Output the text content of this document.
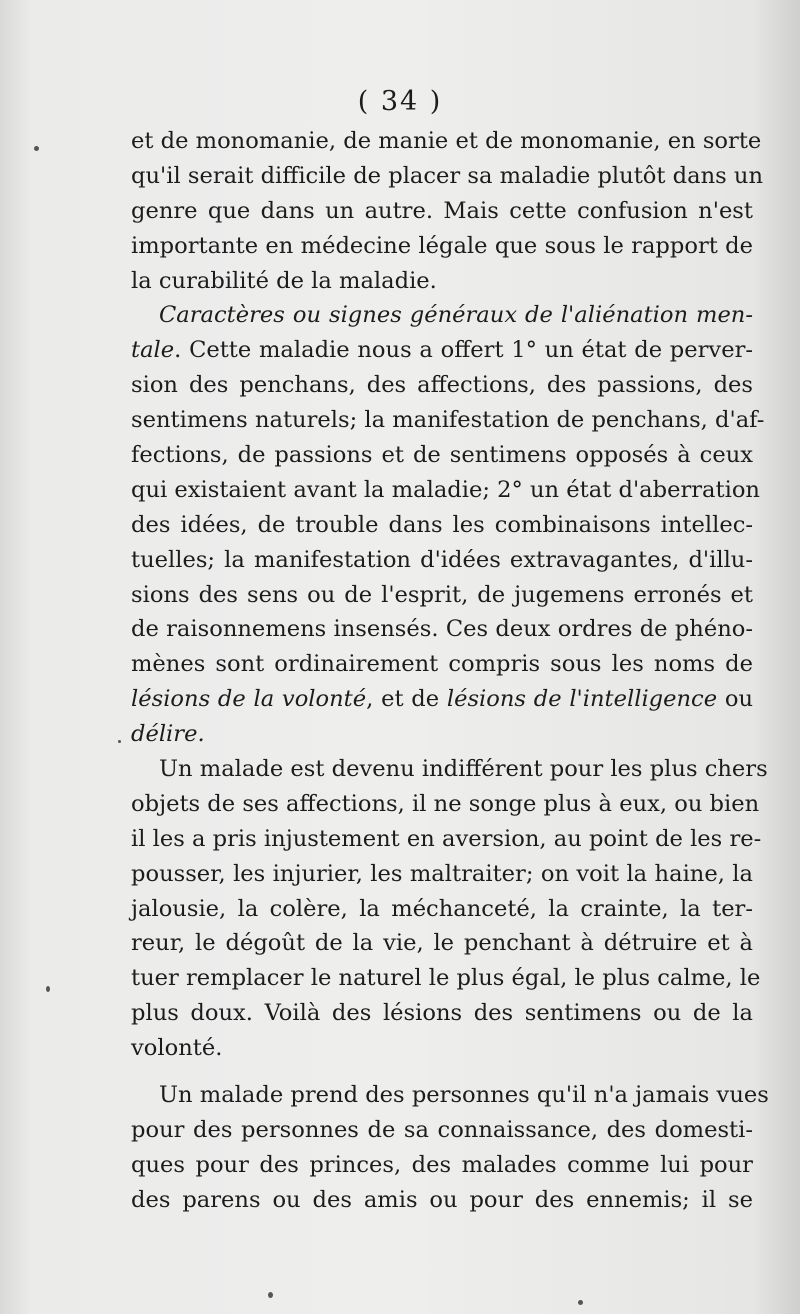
( 34 )
et de monomanie, de manie et de monomanie, en sorte
qu'il serait difficile de placer sa maladie plutôt dans un
genre que dans un autre. Mais cette confusion n'est
importante en médecine légale que sous le rapport de
la curabilité de la maladie.
Caractères ou signes généraux de l'aliénation men-
tale. Cette maladie nous a offert 1° un état de perver-
sion des penchans, des affections, des passions, des
sentimens naturels; la manifestation de penchans, d'af-
fections, de passions et de sentimens opposés à ceux
qui existaient avant la maladie; 2° un état d'aberration
des idées, de trouble dans les combinaisons intellec-
tuelles; la manifestation d'idées extravagantes, d'illu-
sions des sens ou de l'esprit, de jugemens erronés et
de raisonnemens insensés. Ces deux ordres de phéno-
mènes sont ordinairement compris sous les noms de
lésions de la volonté, et de lésions de l'intelligence ou
délire.
Un malade est devenu indifférent pour les plus chers
objets de ses affections, il ne songe plus à eux, ou bien
il les a pris injustement en aversion, au point de les re-
pousser, les injurier, les maltraiter; on voit la haine, la
jalousie, la colère, la méchanceté, la crainte, la ter-
reur, le dégoût de la vie, le penchant à détruire et à
tuer remplacer le naturel le plus égal, le plus calme, le
plus doux. Voilà des lésions des sentimens ou de la
volonté.
Un malade prend des personnes qu'il n'a jamais vues
pour des personnes de sa connaissance, des domesti-
ques pour des princes, des malades comme lui pour
des parens ou des amis ou pour des ennemis; il se
